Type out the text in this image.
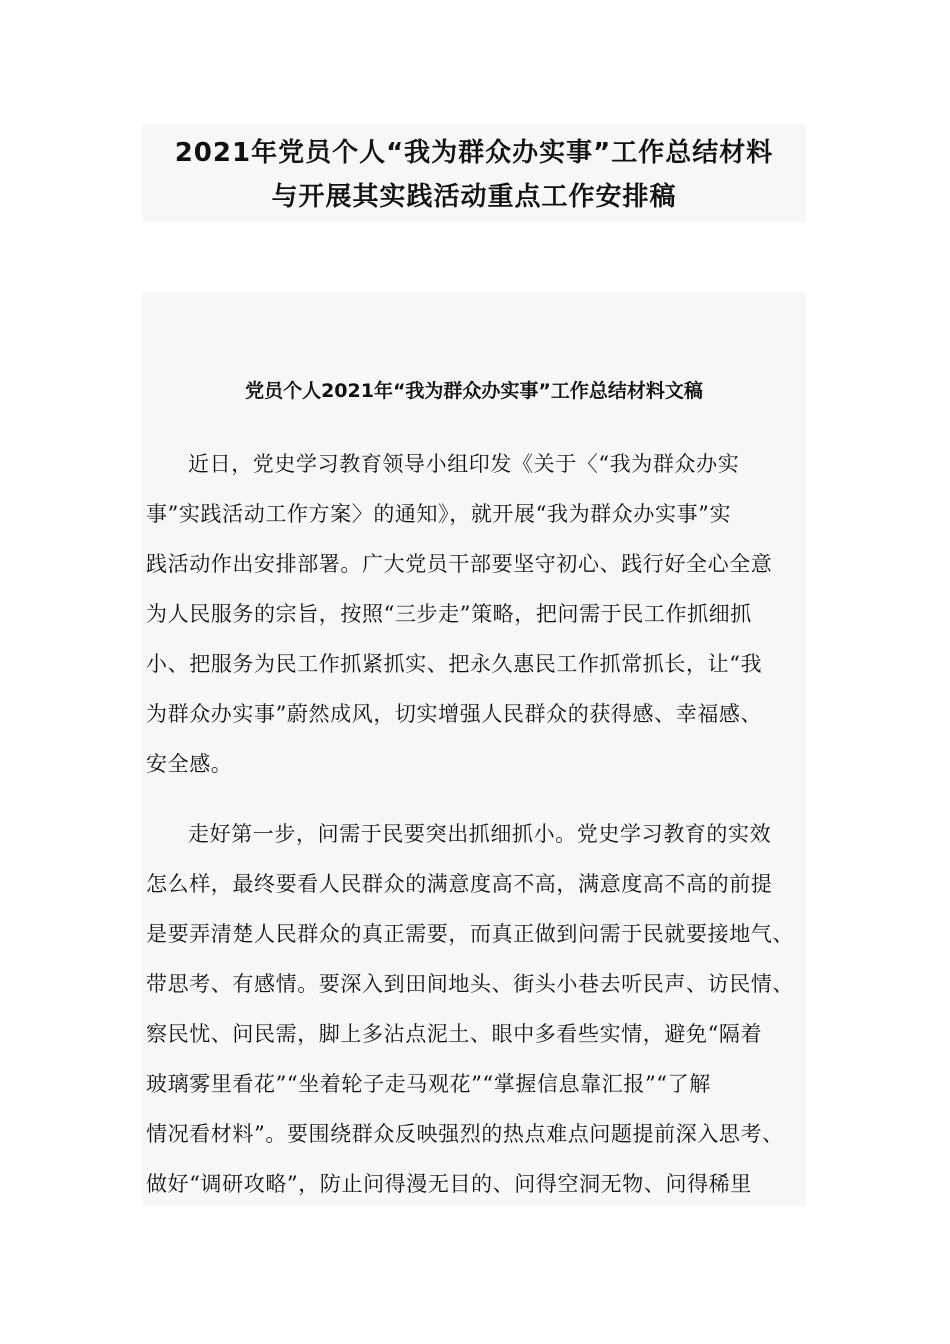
2021年党员个人“我为群众办实事”工作总结材料
与开展其实践活动重点工作安排稿
党员个人2021年“我为群众办实事”工作总结材料文稿
近日，党史学习教育领导小组印发《关于〈“我为群众办实
事”实践活动工作方案〉的通知》，就开展“我为群众办实事”实
践活动作出安排部署。广大党员干部要坚守初心、践行好全心全意
为人民服务的宗旨，按照“三步走”策略，把问需于民工作抓细抓
小、把服务为民工作抓紧抓实、把永久惠民工作抓常抓长，让“我
为群众办实事”蔚然成风，切实增强人民群众的获得感、幸福感、
安全感。
走好第一步，问需于民要突出抓细抓小。党史学习教育的实效
怎么样，最终要看人民群众的满意度高不高，满意度高不高的前提
是要弄清楚人民群众的真正需要，而真正做到问需于民就要接地气、
带思考、有感情。要深入到田间地头、街头小巷去听民声、访民情、
察民忧、问民需，脚上多沾点泥土、眼中多看些实情，避免“隔着
玻璃雾里看花”“坐着轮子走马观花”“掌握信息靠汇报”“了解
情况看材料”。要围绕群众反映强烈的热点难点问题提前深入思考、
做好“调研攻略”，防止问得漫无目的、问得空洞无物、问得稀里
